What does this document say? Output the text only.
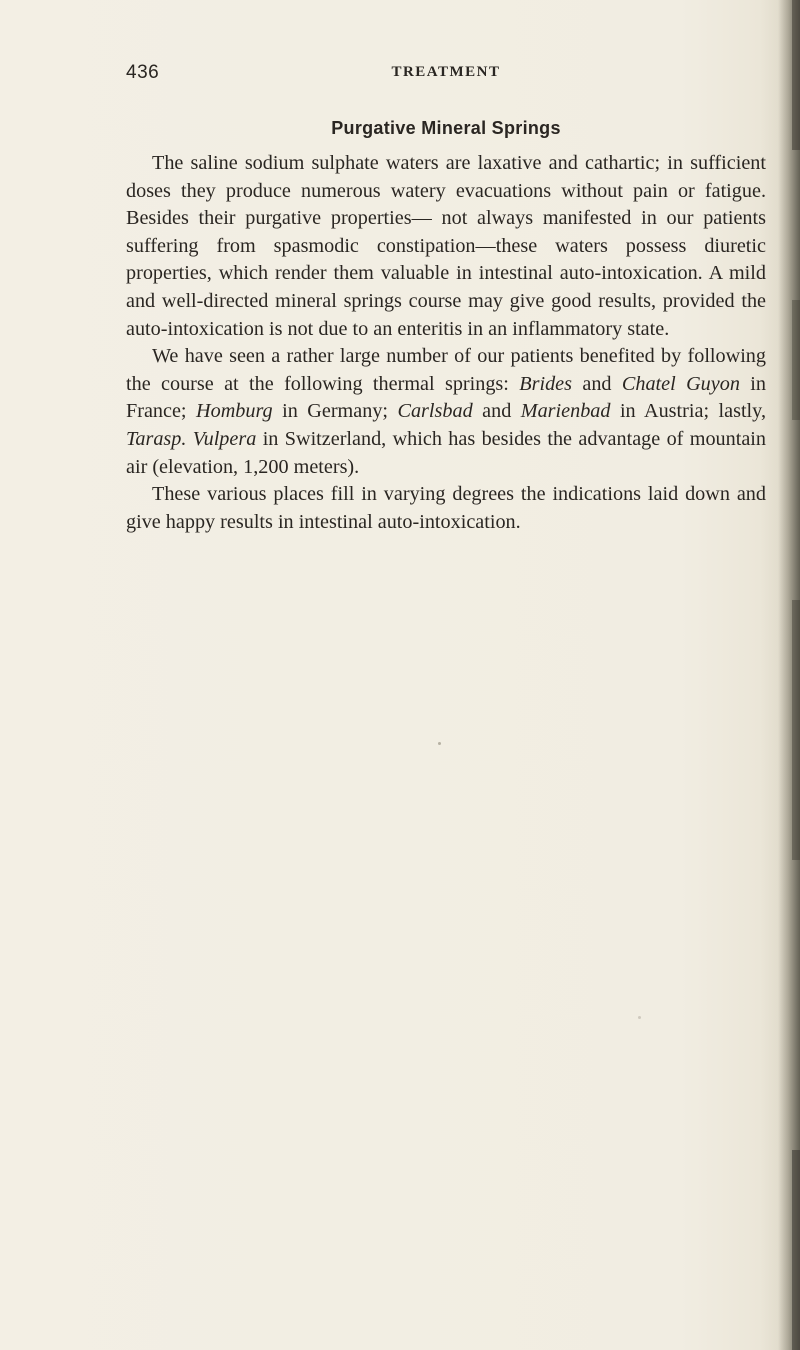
436	TREATMENT
Purgative Mineral Springs

The saline sodium sulphate waters are laxative and cathartic; in sufficient doses they produce numerous watery evacuations without pain or fatigue. Besides their purgative properties— not always manifested in our patients suffering from spasmodic constipation—these waters possess diuretic properties, which render them valuable in intestinal auto-intoxication. A mild and well-directed mineral springs course may give good results, provided the auto-intoxication is not due to an enteritis in an inflammatory state.

We have seen a rather large number of our patients benefited by following the course at the following thermal springs: Brides and Chatel Guyon in France; Homburg in Germany; Carlsbad and Marienbad in Austria; lastly, Tarasp. Vulpera in Switzerland, which has besides the advantage of mountain air (elevation, 1,200 meters).

These various places fill in varying degrees the indications laid down and give happy results in intestinal auto-intoxication.
